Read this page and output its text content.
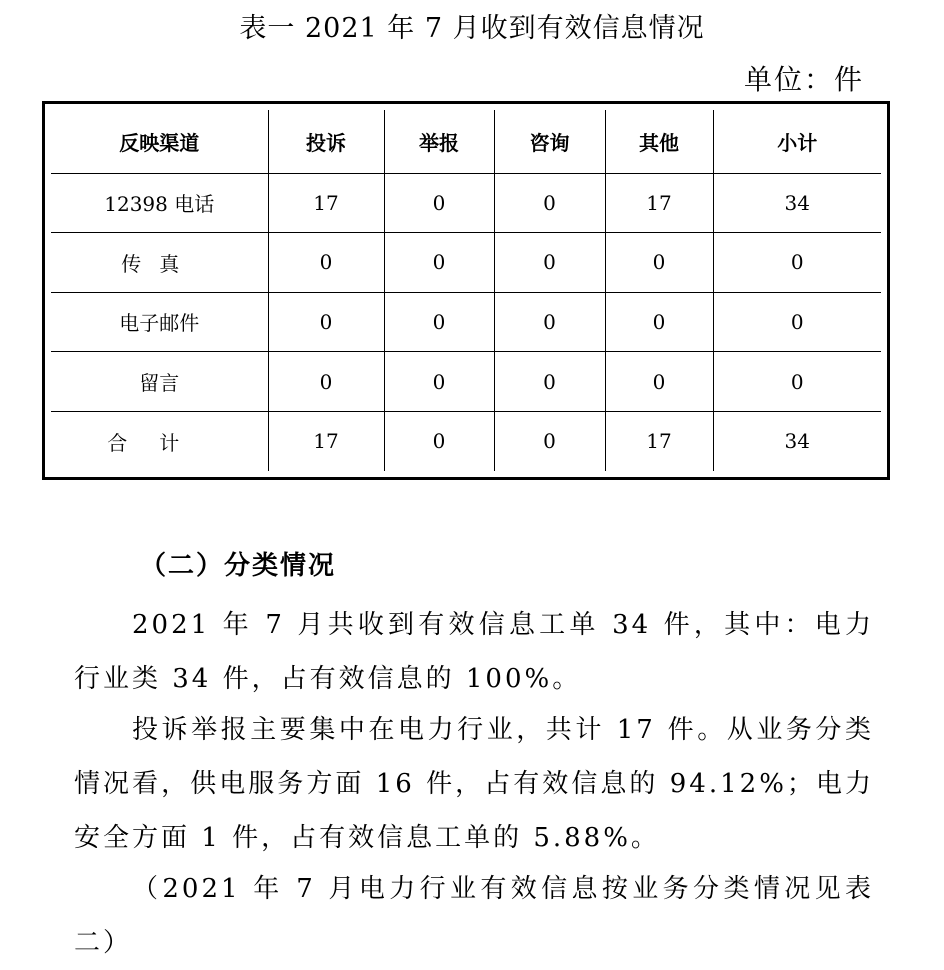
表一 2021 年 7 月收到有效信息情况
单位：件
反映渠道	投诉	举报	咨询	其他	小计
12398 电话	17	0	0	17	34
传真	0	0	0	0	0
电子邮件	0	0	0	0	0
留言	0	0	0	0	0
合计	17	0	0	17	34
（二）分类情况

2021 年 7 月共收到有效信息工单 34 件，其中：电力行业类 34 件，占有效信息的 100%。

投诉举报主要集中在电力行业，共计 17 件。从业务分类情况看，供电服务方面 16 件，占有效信息的 94.12%；电力安全方面 1 件，占有效信息工单的 5.88%。

（2021 年 7 月电力行业有效信息按业务分类情况见表二）
